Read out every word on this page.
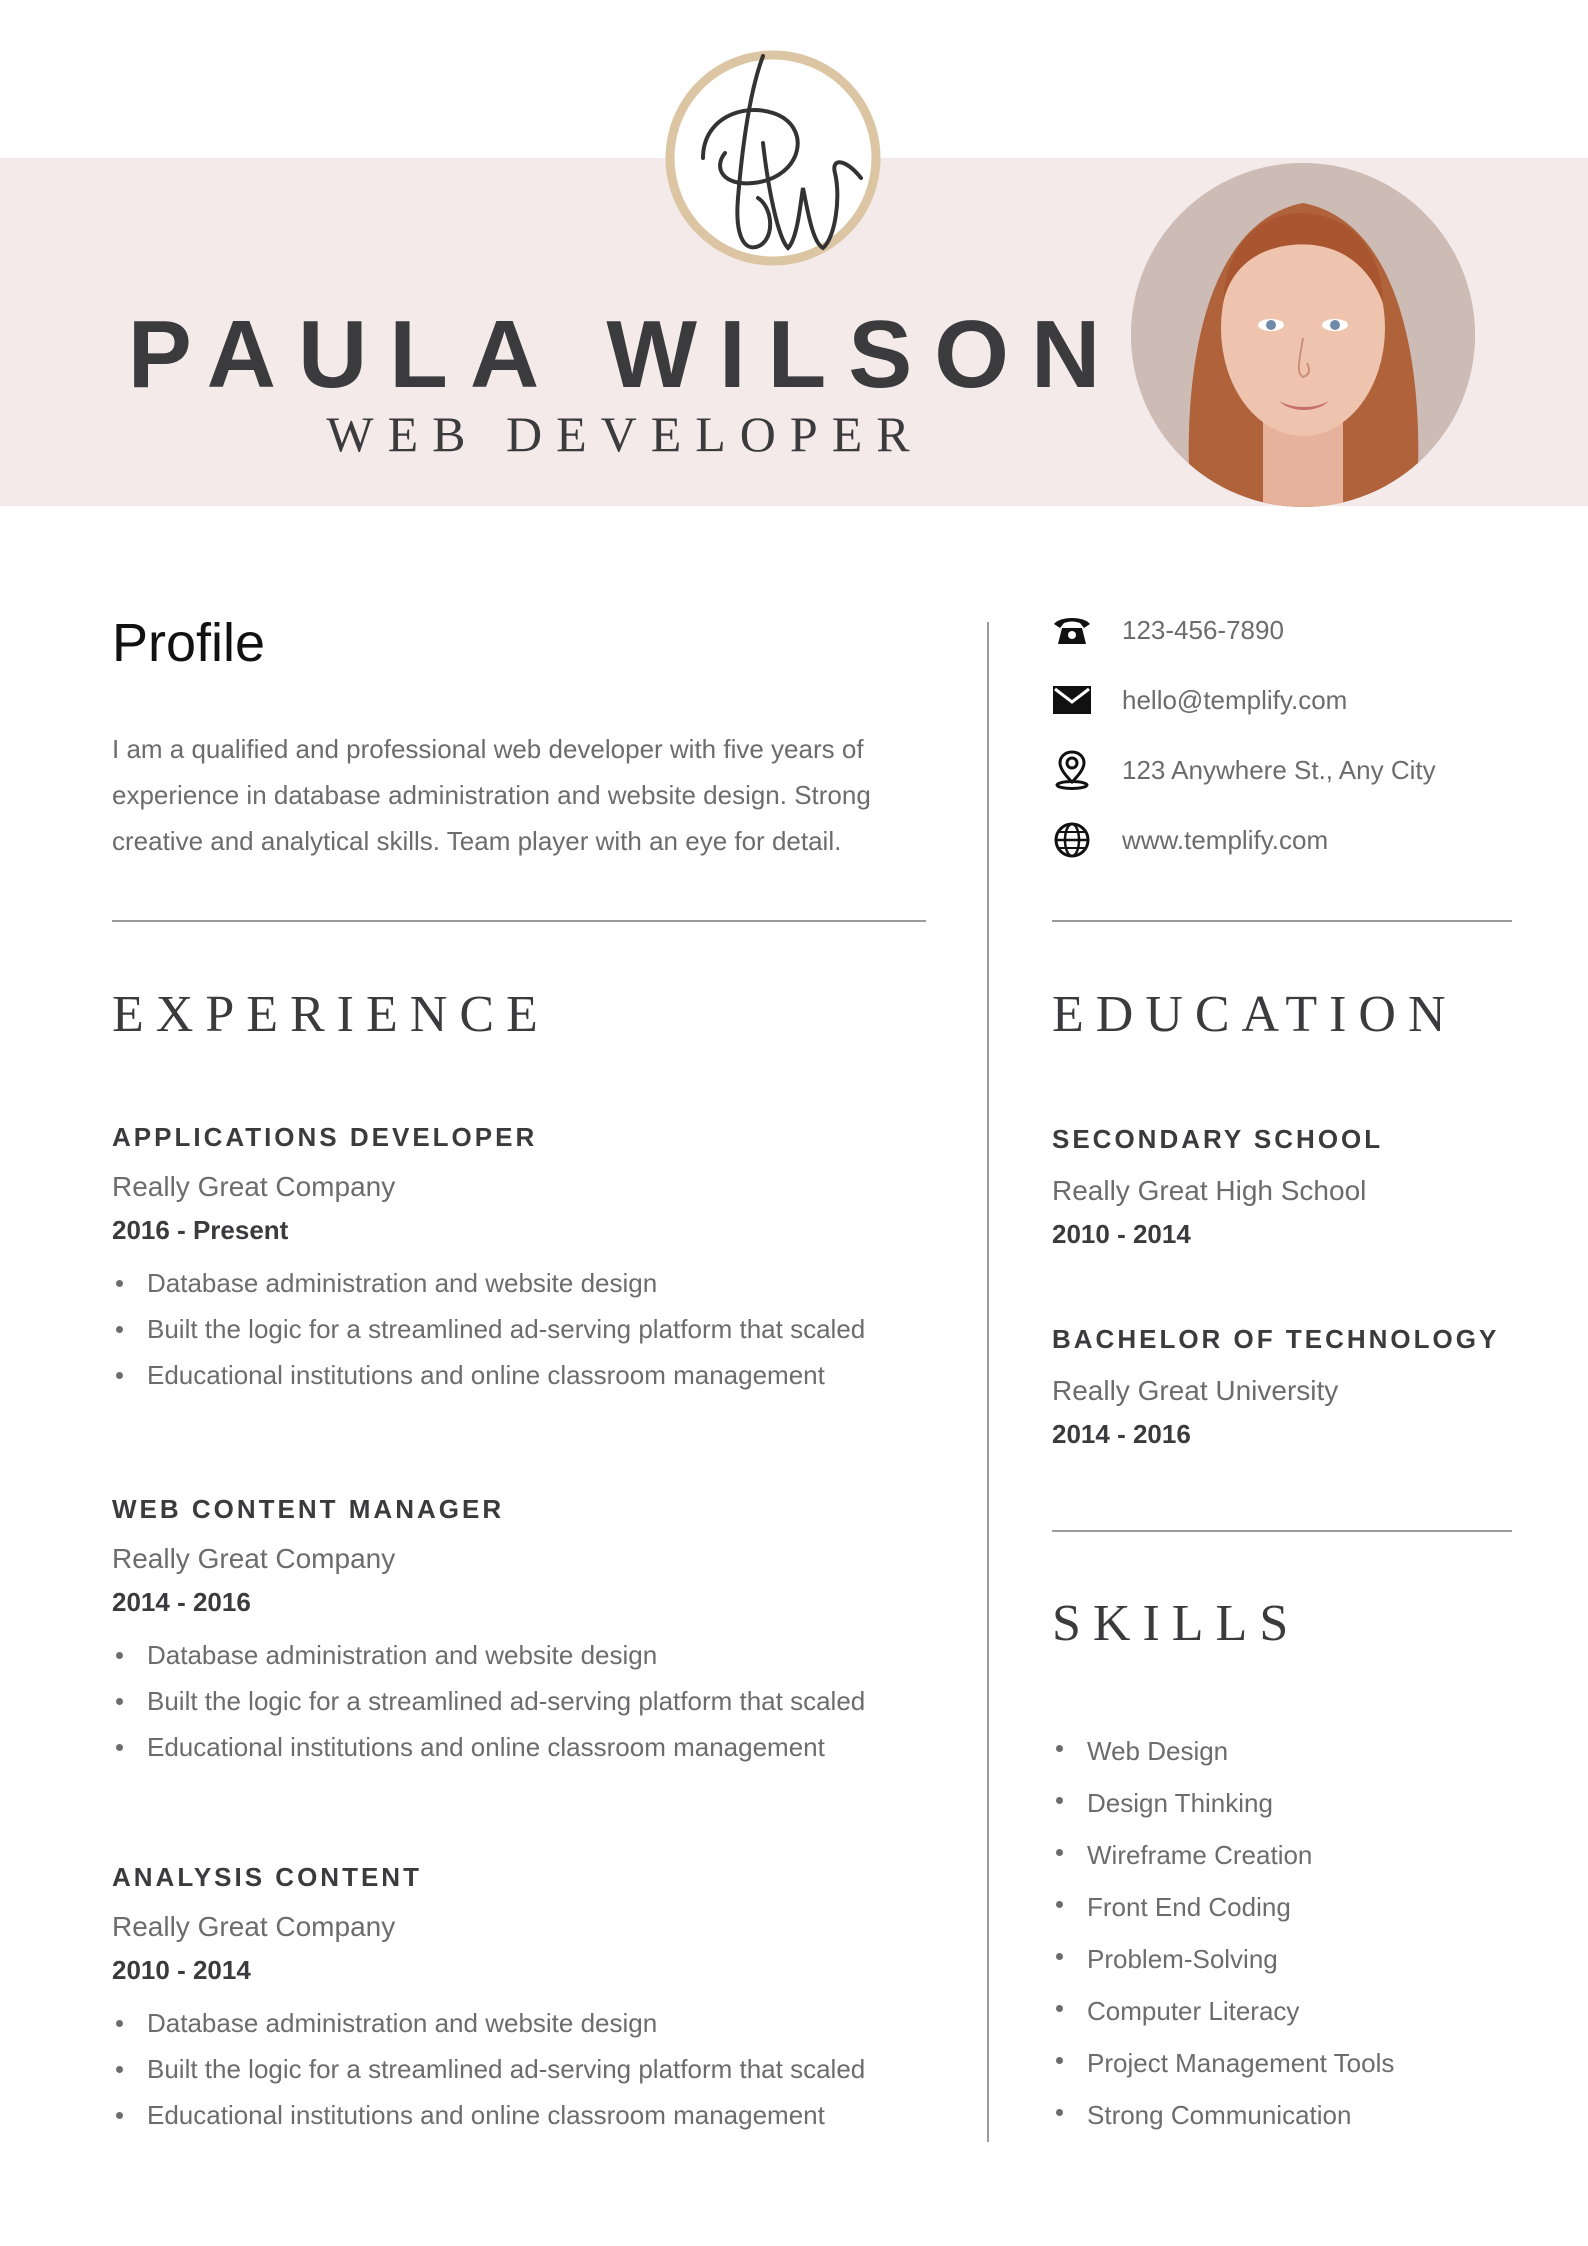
PAULA WILSON
WEB DEVELOPER
Profile
I am a qualified and professional web developer with five years of experience in database administration and website design. Strong creative and analytical skills. Team player with an eye for detail.
123-456-7890
hello@templify.com
123 Anywhere St., Any City
www.templify.com
EXPERIENCE
APPLICATIONS DEVELOPER
Really Great Company
2016 - Present
Database administration and website design
Built the logic for a streamlined ad-serving platform that scaled
Educational institutions and online classroom management
WEB CONTENT MANAGER
Really Great Company
2014 - 2016
Database administration and website design
Built the logic for a streamlined ad-serving platform that scaled
Educational institutions and online classroom management
ANALYSIS CONTENT
Really Great Company
2010 - 2014
Database administration and website design
Built the logic for a streamlined ad-serving platform that scaled
Educational institutions and online classroom management
EDUCATION
SECONDARY SCHOOL
Really Great High School
2010 - 2014
BACHELOR OF TECHNOLOGY
Really Great University
2014 - 2016
SKILLS
Web Design
Design Thinking
Wireframe Creation
Front End Coding
Problem-Solving
Computer Literacy
Project Management Tools
Strong Communication
